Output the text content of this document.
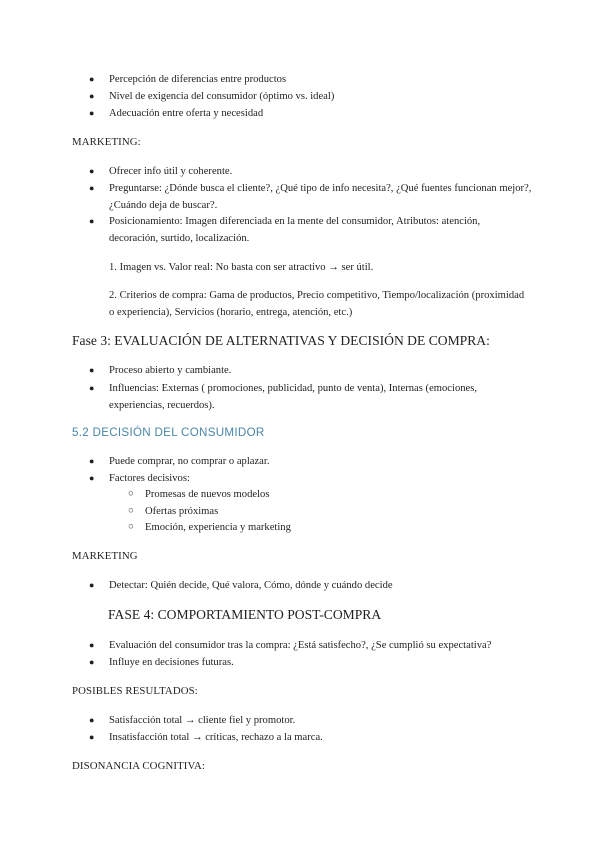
● Percepción de diferencias entre productos
● Nivel de exigencia del consumidor (óptimo vs. ideal)
● Adecuación entre oferta y necesidad
MARKETING:
● Ofrecer info útil y coherente.
● Preguntarse: ¿Dónde busca el cliente?, ¿Qué tipo de info necesita?, ¿Qué fuentes funcionan mejor?,
¿Cuándo deja de buscar?.
● Posicionamiento: Imagen diferenciada en la mente del consumidor, Atributos: atención,
decoración, surtido, localización.
1. Imagen vs. Valor real: No basta con ser atractivo → ser útil.
2. Criterios de compra: Gama de productos, Precio competitivo, Tiempo/localización (proximidad
o experiencia), Servicios (horario, entrega, atención, etc.)
Fase 3: EVALUACIÓN DE ALTERNATIVAS Y DECISIÓN DE COMPRA:
● Proceso abierto y cambiante.
● Influencias: Externas ( promociones, publicidad, punto de venta), Internas (emociones,
experiencias, recuerdos).
5.2 DECISIÓN DEL CONSUMIDOR
● Puede comprar, no comprar o aplazar.
● Factores decisivos:
○ Promesas de nuevos modelos
○ Ofertas próximas
○ Emoción, experiencia y marketing
MARKETING
● Detectar: Quién decide, Qué valora, Cómo, dónde y cuándo decide
FASE 4: COMPORTAMIENTO POST-COMPRA
● Evaluación del consumidor tras la compra: ¿Está satisfecho?, ¿Se cumplió su expectativa?
● Influye en decisiones futuras.
POSIBLES RESULTADOS:
● Satisfacción total → cliente fiel y promotor.
● Insatisfacción total → críticas, rechazo a la marca.
DISONANCIA COGNITIVA:
